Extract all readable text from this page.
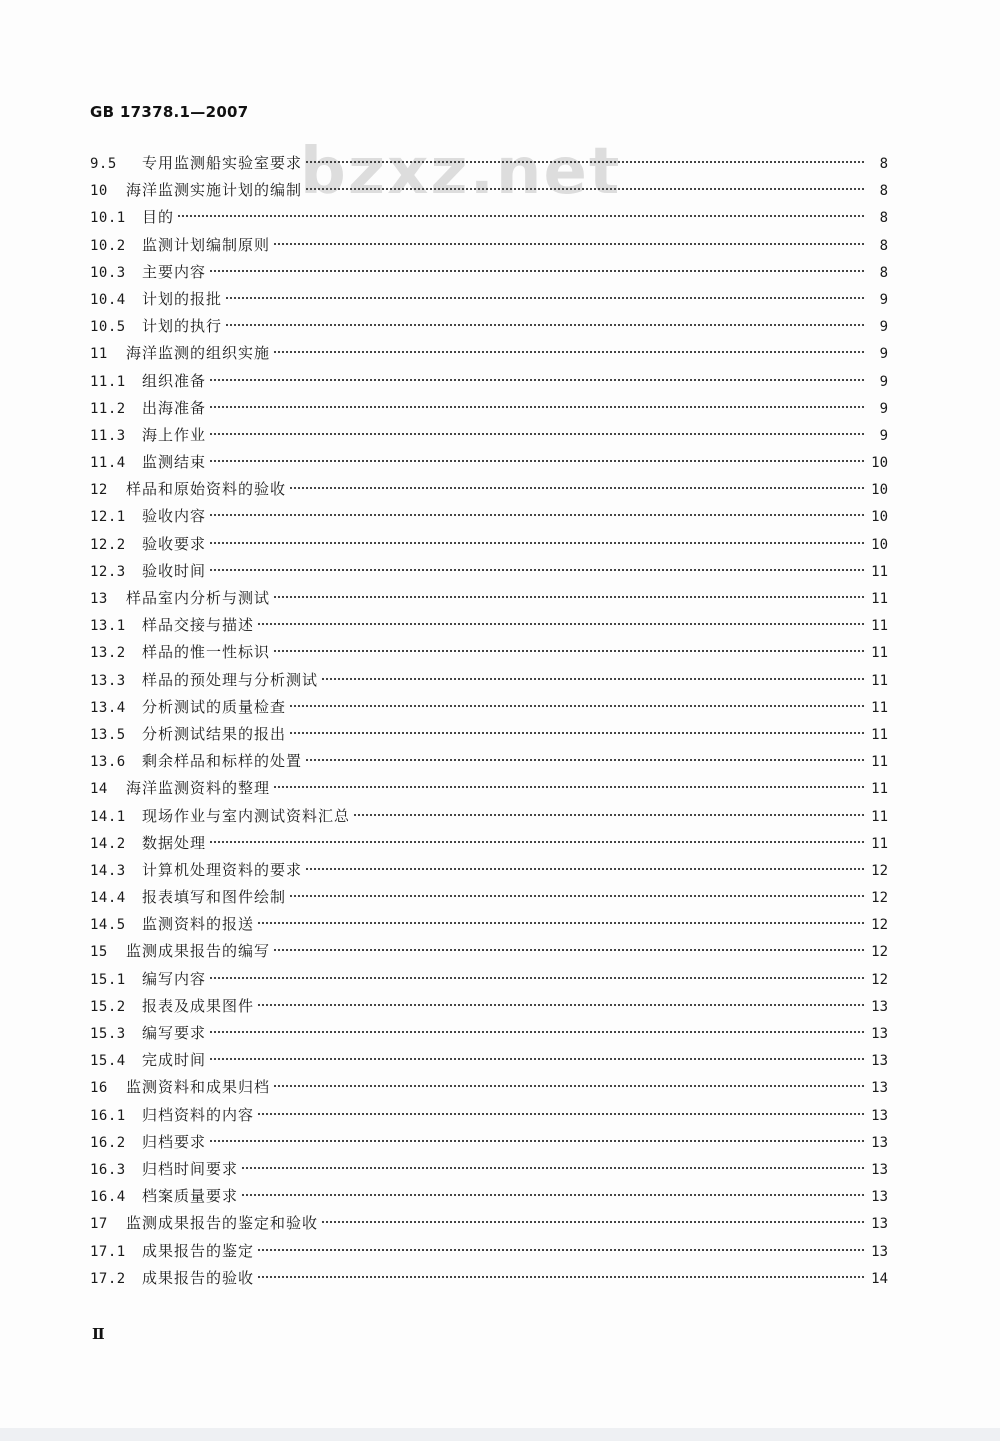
GB 17378.1—2007
bzxz.net
9.5	专用监测船实验室要求	8
10	海洋监测实施计划的编制	8
10.1	目的	8
10.2	监测计划编制原则	8
10.3	主要内容	8
10.4	计划的报批	9
10.5	计划的执行	9
11	海洋监测的组织实施	9
11.1	组织准备	9
11.2	出海准备	9
11.3	海上作业	9
11.4	监测结束	10
12	样品和原始资料的验收	10
12.1	验收内容	10
12.2	验收要求	10
12.3	验收时间	11
13	样品室内分析与测试	11
13.1	样品交接与描述	11
13.2	样品的惟一性标识	11
13.3	样品的预处理与分析测试	11
13.4	分析测试的质量检查	11
13.5	分析测试结果的报出	11
13.6	剩余样品和标样的处置	11
14	海洋监测资料的整理	11
14.1	现场作业与室内测试资料汇总	11
14.2	数据处理	11
14.3	计算机处理资料的要求	12
14.4	报表填写和图件绘制	12
14.5	监测资料的报送	12
15	监测成果报告的编写	12
15.1	编写内容	12
15.2	报表及成果图件	13
15.3	编写要求	13
15.4	完成时间	13
16	监测资料和成果归档	13
16.1	归档资料的内容	13
16.2	归档要求	13
16.3	归档时间要求	13
16.4	档案质量要求	13
17	监测成果报告的鉴定和验收	13
17.1	成果报告的鉴定	13
17.2	成果报告的验收	14
Ⅱ
